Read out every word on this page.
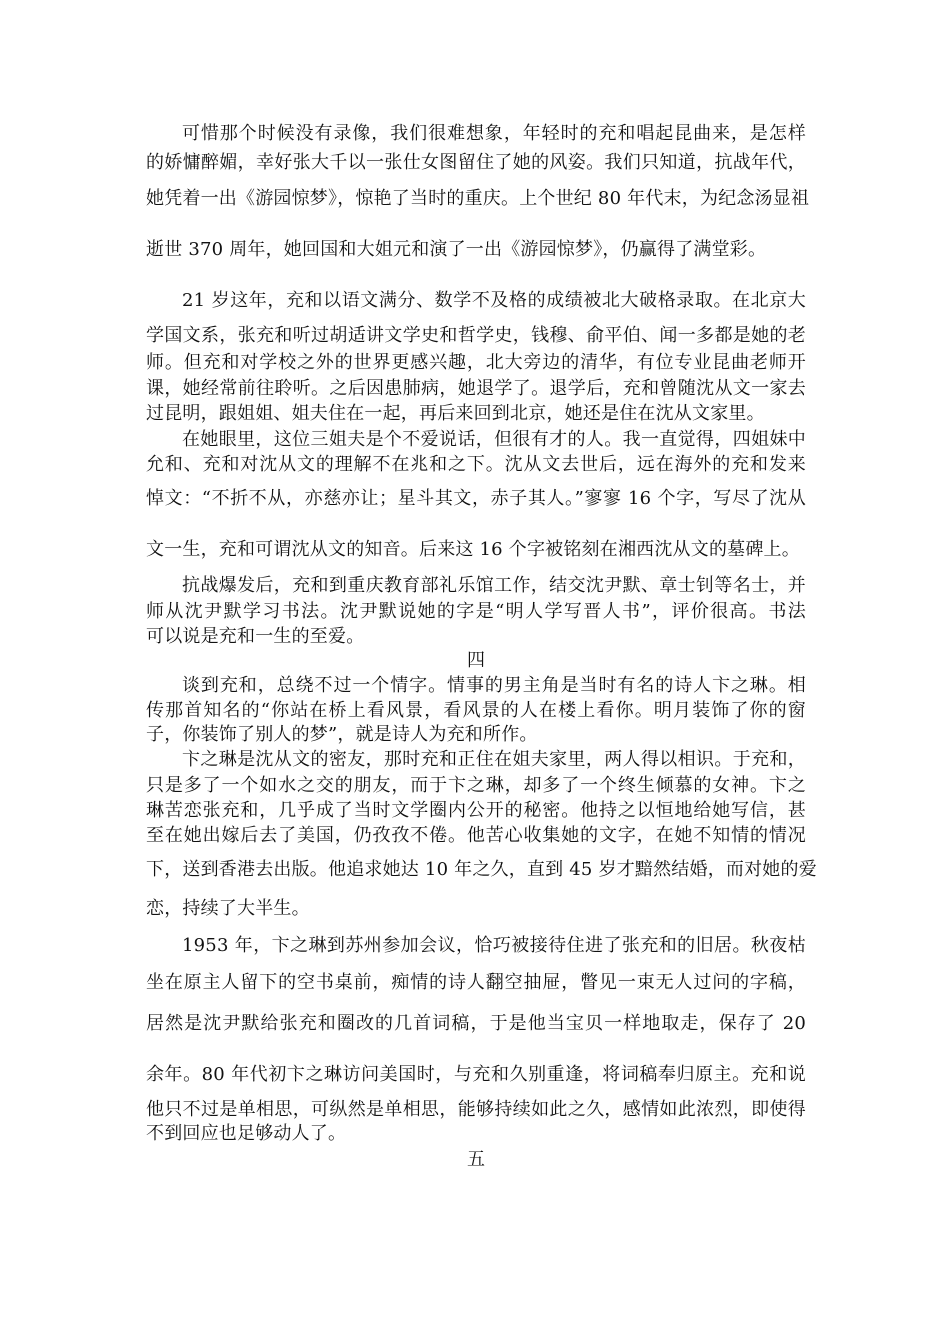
可惜那个时候没有录像，我们很难想象，年轻时的充和唱起昆曲来，是怎样

的娇慵醉媚，幸好张大千以一张仕女图留住了她的风姿。我们只知道，抗战年代，

她凭着一出《游园惊梦》，惊艳了当时的重庆。上个世纪 80 年代末，为纪念汤显祖

逝世 370 周年，她回国和大姐元和演了一出《游园惊梦》，仍赢得了满堂彩。

21 岁这年，充和以语文满分、数学不及格的成绩被北大破格录取。在北京大

学国文系，张充和听过胡适讲文学史和哲学史，钱穆、俞平伯、闻一多都是她的老

师。但充和对学校之外的世界更感兴趣，北大旁边的清华，有位专业昆曲老师开

课，她经常前往聆听。之后因患肺病，她退学了。退学后，充和曾随沈从文一家去

过昆明，跟姐姐、姐夫住在一起，再后来回到北京，她还是住在沈从文家里。

在她眼里，这位三姐夫是个不爱说话，但很有才的人。我一直觉得，四姐妹中

允和、充和对沈从文的理解不在兆和之下。沈从文去世后，远在海外的充和发来

悼文：“不折不从，亦慈亦让；星斗其文，赤子其人。”寥寥 16 个字，写尽了沈从

文一生，充和可谓沈从文的知音。后来这 16 个字被铭刻在湘西沈从文的墓碑上。

抗战爆发后，充和到重庆教育部礼乐馆工作，结交沈尹默、章士钊等名士，并

师从沈尹默学习书法。沈尹默说她的字是“明人学写晋人书”，评价很高。书法

可以说是充和一生的至爱。

四

谈到充和，总绕不过一个情字。情事的男主角是当时有名的诗人卞之琳。相

传那首知名的“你站在桥上看风景，看风景的人在楼上看你。明月装饰了你的窗

子，你装饰了别人的梦”，就是诗人为充和所作。

卞之琳是沈从文的密友，那时充和正住在姐夫家里，两人得以相识。于充和，

只是多了一个如水之交的朋友，而于卞之琳，却多了一个终生倾慕的女神。卞之

琳苦恋张充和，几乎成了当时文学圈内公开的秘密。他持之以恒地给她写信，甚

至在她出嫁后去了美国，仍孜孜不倦。他苦心收集她的文字，在她不知情的情况

下，送到香港去出版。他追求她达 10 年之久，直到 45 岁才黯然结婚，而对她的爱

恋，持续了大半生。

1953 年，卞之琳到苏州参加会议，恰巧被接待住进了张充和的旧居。秋夜枯

坐在原主人留下的空书桌前，痴情的诗人翻空抽屉，瞥见一束无人过问的字稿，

居然是沈尹默给张充和圈改的几首词稿，于是他当宝贝一样地取走，保存了 20

余年。80 年代初卞之琳访问美国时，与充和久别重逢，将词稿奉归原主。充和说

他只不过是单相思，可纵然是单相思，能够持续如此之久，感情如此浓烈，即使得

不到回应也足够动人了。

五
